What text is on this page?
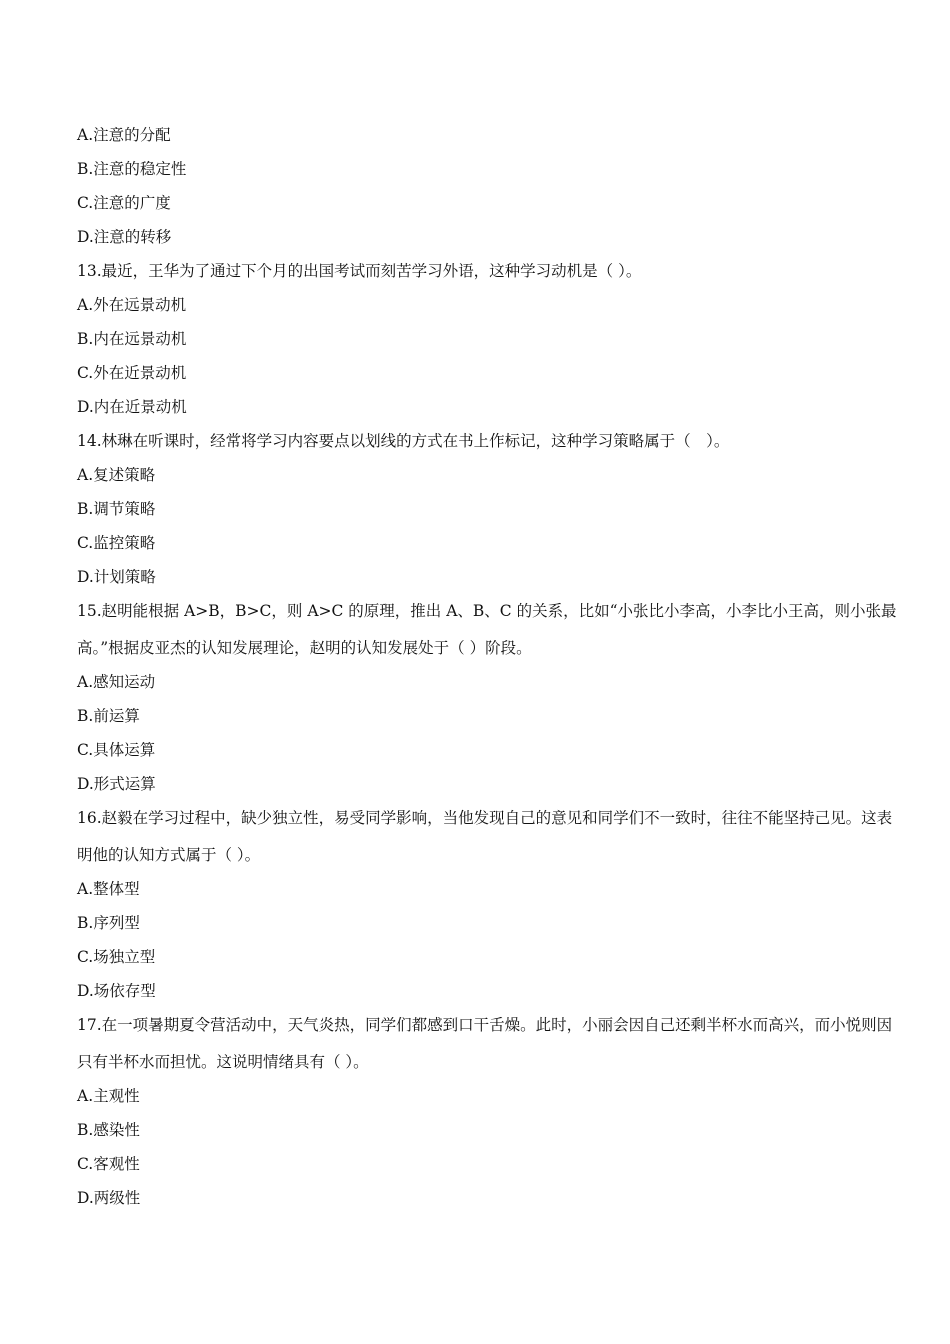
A.注意的分配
B.注意的稳定性
C.注意的广度
D.注意的转移
13.最近，王华为了通过下个月的出国考试而刻苦学习外语，这种学习动机是（ ）。
A.外在远景动机
B.内在远景动机
C.外在近景动机
D.内在近景动机
14.林琳在听课时，经常将学习内容要点以划线的方式在书上作标记，这种学习策略属于（　）。
A.复述策略
B.调节策略
C.监控策略
D.计划策略
15.赵明能根据 A>B，B>C，则 A>C 的原理，推出 A、B、C 的关系，比如“小张比小李高，小李比小王高，则小张最高。”根据皮亚杰的认知发展理论，赵明的认知发展处于（ ）阶段。
A.感知运动
B.前运算
C.具体运算
D.形式运算
16.赵毅在学习过程中，缺少独立性，易受同学影响，当他发现自己的意见和同学们不一致时，往往不能坚持己见。这表明他的认知方式属于（ ）。
A.整体型
B.序列型
C.场独立型
D.场依存型
17.在一项暑期夏令营活动中，天气炎热，同学们都感到口干舌燥。此时，小丽会因自己还剩半杯水而高兴，而小悦则因只有半杯水而担忧。这说明情绪具有（ ）。
A.主观性
B.感染性
C.客观性
D.两级性
